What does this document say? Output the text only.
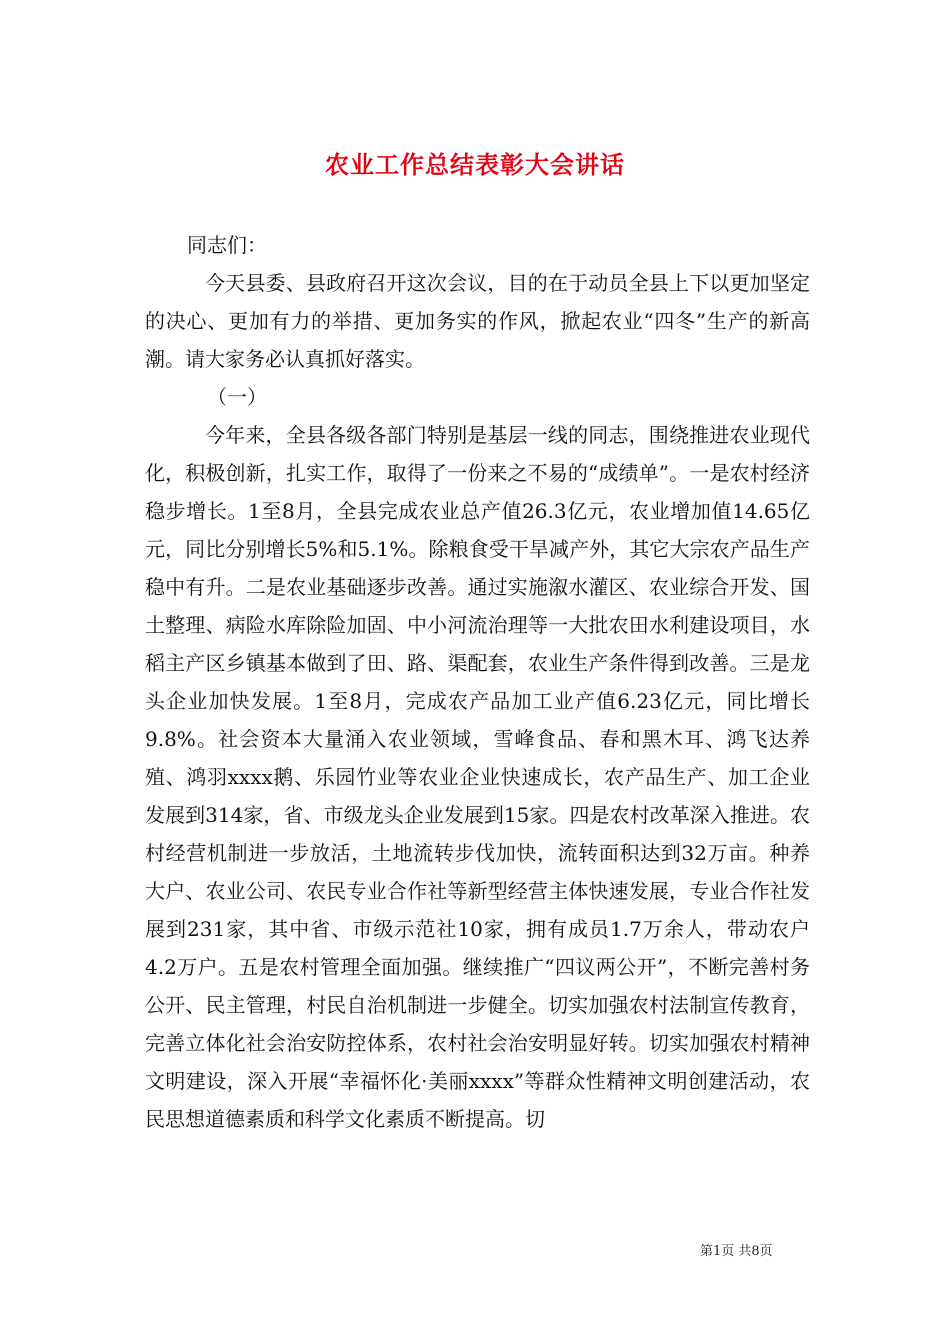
农业工作总结表彰大会讲话

同志们：

今天县委、县政府召开这次会议，目的在于动员全县上下以更加坚定的决心、更加有力的举措、更加务实的作风，掀起农业“四冬”生产的新高潮。请大家务必认真抓好落实。

（一）

今年来，全县各级各部门特别是基层一线的同志，围绕推进农业现代化，积极创新，扎实工作，取得了一份来之不易的“成绩单”。一是农村经济稳步增长。1至8月，全县完成农业总产值26.3亿元，农业增加值14.65亿元，同比分别增长5%和5.1%。除粮食受干旱减产外，其它大宗农产品生产稳中有升。二是农业基础逐步改善。通过实施溆水灌区、农业综合开发、国土整理、病险水库除险加固、中小河流治理等一大批农田水利建设项目，水稻主产区乡镇基本做到了田、路、渠配套，农业生产条件得到改善。三是龙头企业加快发展。1至8月，完成农产品加工业产值6.23亿元，同比增长9.8%。社会资本大量涌入农业领域，雪峰食品、春和黑木耳、鸿飞达养殖、鸿羽xxxx鹅、乐园竹业等农业企业快速成长，农产品生产、加工企业发展到314家，省、市级龙头企业发展到15家。四是农村改革深入推进。农村经营机制进一步放活，土地流转步伐加快，流转面积达到32万亩。种养大户、农业公司、农民专业合作社等新型经营主体快速发展，专业合作社发展到231家，其中省、市级示范社10家，拥有成员1.7万余人，带动农户4.2万户。五是农村管理全面加强。继续推广“四议两公开”，不断完善村务公开、民主管理，村民自治机制进一步健全。切实加强农村法制宣传教育，完善立体化社会治安防控体系，农村社会治安明显好转。切实加强农村精神文明建设，深入开展“幸福怀化·美丽xxxx”等群众性精神文明创建活动，农民思想道德素质和科学文化素质不断提高。切

第1页 共8页
